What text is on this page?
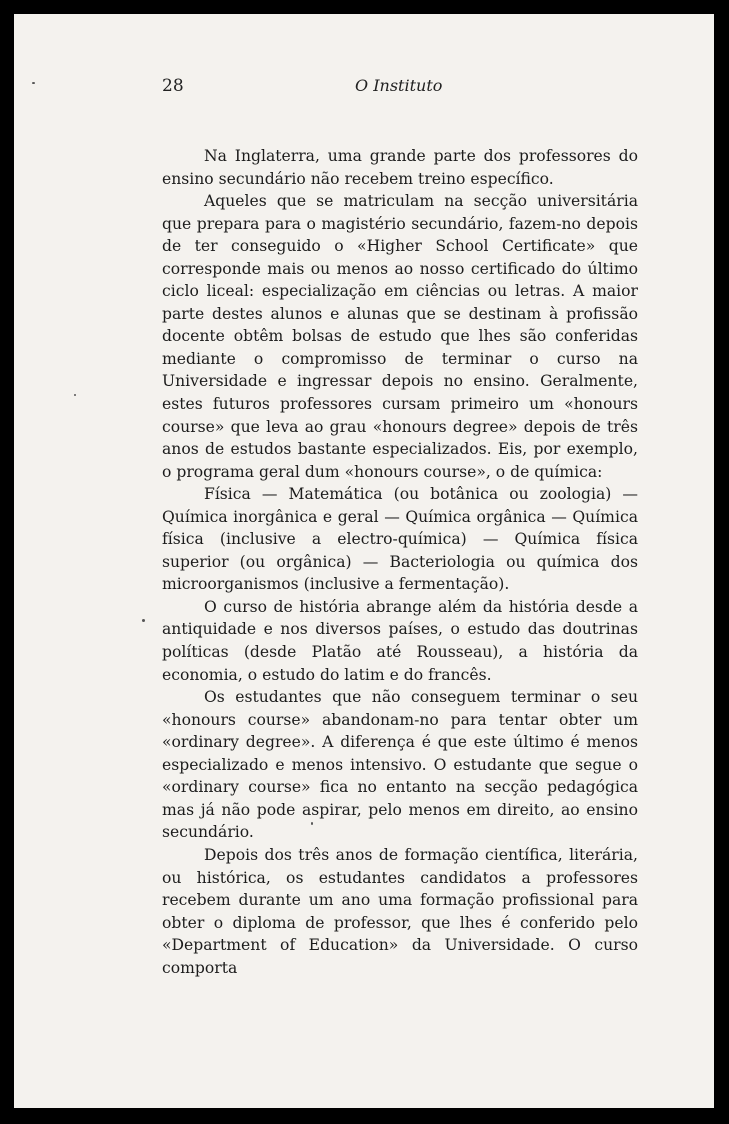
28	O Instituto

Na Inglaterra, uma grande parte dos professores do ensino secundário não recebem treino específico.

Aqueles que se matriculam na secção universitária que prepara para o magistério secundário, fazem-no depois de ter conseguido o «Higher School Certificate» que corresponde mais ou menos ao nosso certificado do último ciclo liceal: especialização em ciências ou letras. A maior parte destes alunos e alunas que se destinam à profissão docente obtêm bolsas de estudo que lhes são conferidas mediante o compromisso de terminar o curso na Universidade e ingressar depois no ensino. Geralmente, estes futuros professores cursam primeiro um «honours course» que leva ao grau «honours degree» depois de três anos de estudos bastante especializados. Eis, por exemplo, o programa geral dum «honours course», o de química:

Física — Matemática (ou botânica ou zoologia) — Química inorgânica e geral — Química orgânica — Química física (inclusive a electro-química) — Química física superior (ou orgânica) — Bacteriologia ou química dos microorganismos (inclusive a fermentação).

O curso de história abrange além da história desde a antiquidade e nos diversos países, o estudo das doutrinas políticas (desde Platão até Rousseau), a história da economia, o estudo do latim e do francês.

Os estudantes que não conseguem terminar o seu «honours course» abandonam-no para tentar obter um «ordinary degree». A diferença é que este último é menos especializado e menos intensivo. O estudante que segue o «ordinary course» fica no entanto na secção pedagógica mas já não pode aspirar, pelo menos em direito, ao ensino secundário.

Depois dos três anos de formação científica, literária, ou histórica, os estudantes candidatos a professores recebem durante um ano uma formação profissional para obter o diploma de professor, que lhes é conferido pelo «Department of Education» da Universidade. O curso comporta
